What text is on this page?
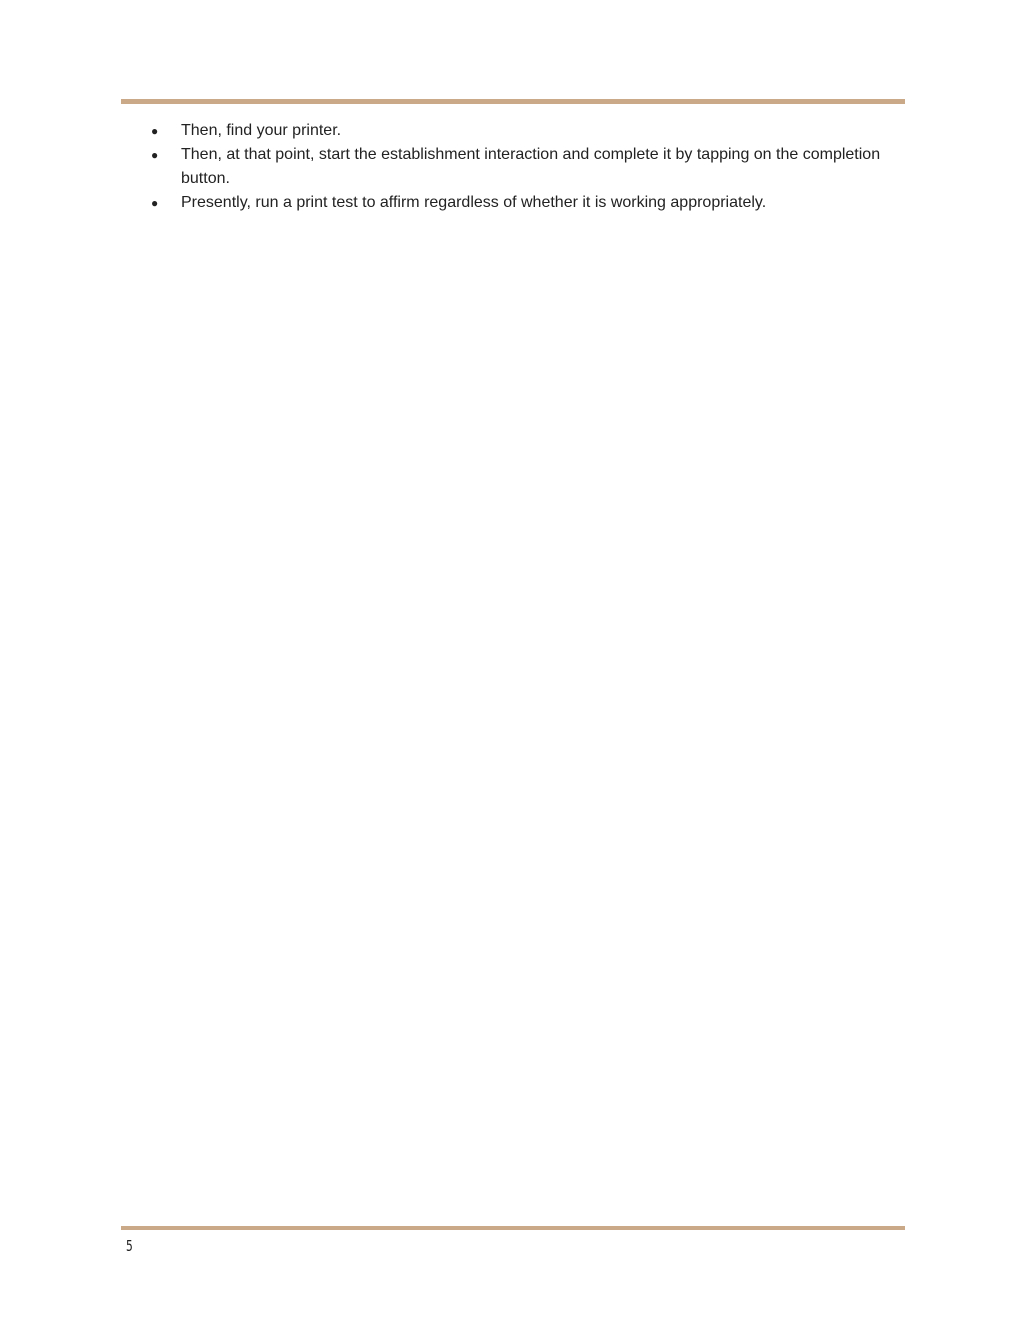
● Then, find your printer.
● Then, at that point, start the establishment interaction and complete it by tapping on the completion button.
● Presently, run a print test to affirm regardless of whether it is working appropriately.
5
